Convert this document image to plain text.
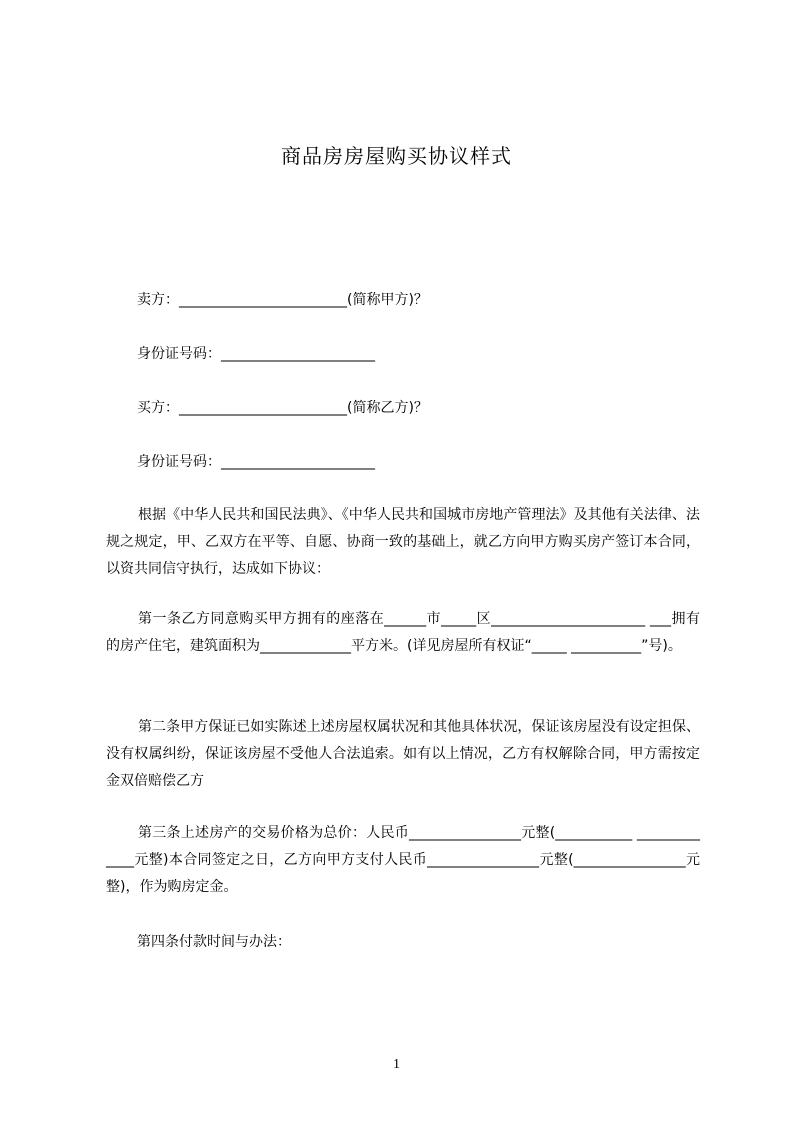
商品房房屋购买协议样式
卖方：________________________(简称甲方)？
身份证号码：______________________
买方：________________________(简称乙方)？
身份证号码：______________________
根据《中华人民共和国民法典》、《中华人民共和国城市房地产管理法》及其他有关法律、法规之规定，甲、乙双方在平等、自愿、协商一致的基础上，就乙方向甲方购买房产签订本合同，以资共同信守执行，达成如下协议：
第一条乙方同意购买甲方拥有的座落在______市_____区______________________ ___拥有的房产住宅，建筑面积为_____________平方米。(详见房屋所有权证“_____ __________”号)。
第二条甲方保证已如实陈述上述房屋权属状况和其他具体状况，保证该房屋没有设定担保、没有权属纠纷，保证该房屋不受他人合法追索。如有以上情况，乙方有权解除合同，甲方需按定金双倍赔偿乙方
第三条上述房产的交易价格为总价：人民币________________元整(___________ _____________元整)本合同签定之日，乙方向甲方支付人民币________________元整(________________元整)，作为购房定金。
第四条付款时间与办法：
1
